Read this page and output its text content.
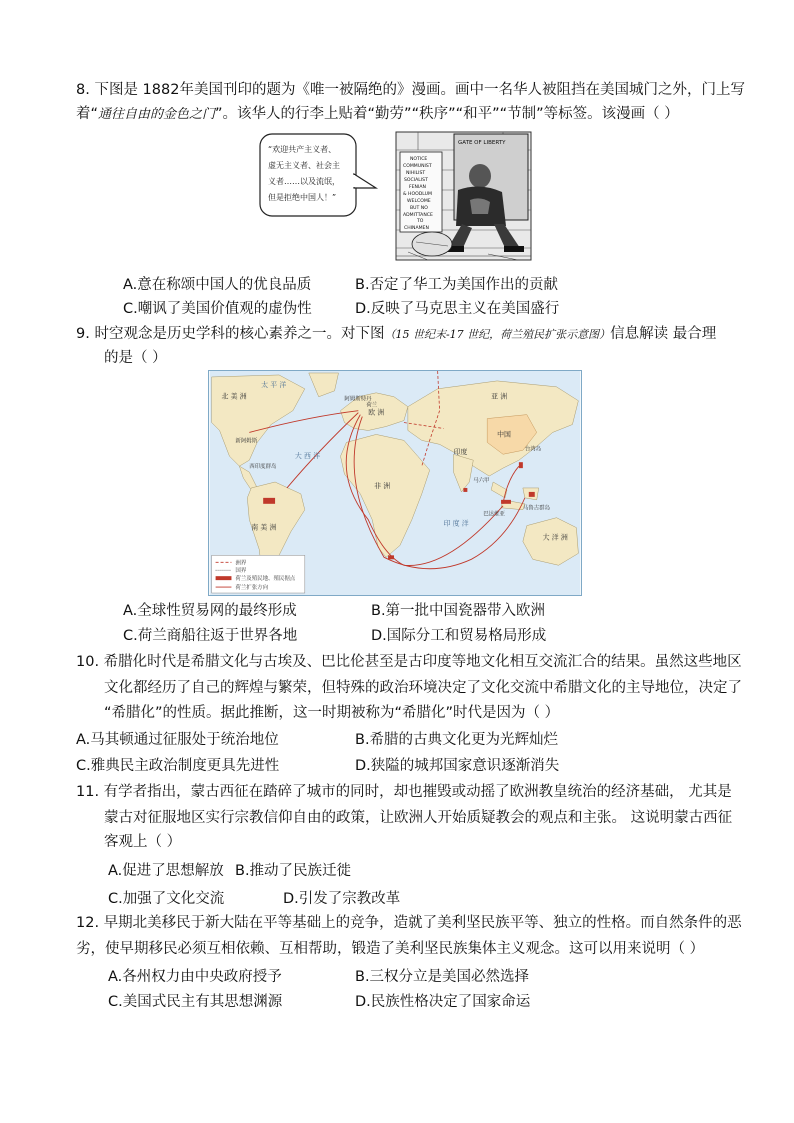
8. 下图是 1882年美国刊印的题为《唯一被隔绝的》漫画。画中一名华人被阻挡在美国城门之外，门上写
着“通往自由的金色之门”。该华人的行李上贴着“勤劳”“秩序”“和平”“节制”等标签。该漫画（ ）
“欢迎共产主义者、
虚无主义者、社会主
义者……以及流氓，
但是拒绝中国人！”
GATE OF LIBERTY
NOTICE
COMMUNIST
NIHILIST
SOCIALIST
FENIAN
& HOODLUM
WELCOME
BUT NO
ADMITTANCE
TO
CHINAMEN
A.意在称颂中国人的优良品质	B.否定了华工为美国作出的贡献
C.嘲讽了美国价值观的虚伪性	D.反映了马克思主义在美国盛行
9. 时空观念是历史学科的核心素养之一。对下图（15 世纪末-17 世纪，荷兰殖民扩张示意图）信息解读 最合理
的是（ ）
北 美 洲
南 美 洲
欧 洲
亚 洲
非 洲
大 洋 洲
大 西 洋
太 平 洋
印 度 洋
中国
印度
阿姆斯特丹
荷兰
新阿姆斯
西印度群岛
台湾岛
马六甲
巴达维亚
马鲁古群岛
洲界
国界
荷兰及殖民地、殖民据点
荷兰扩张方向
A.全球性贸易网的最终形成	B.第一批中国瓷器带入欧洲
C.荷兰商船往返于世界各地	D.国际分工和贸易格局形成
10. 希腊化时代是希腊文化与古埃及、巴比伦甚至是古印度等地文化相互交流汇合的结果。虽然这些地区
文化都经历了自己的辉煌与繁荣，但特殊的政治环境决定了文化交流中希腊文化的主导地位，决定了
“希腊化”的性质。据此推断，这一时期被称为“希腊化”时代是因为（ ）
A.马其顿通过征服处于统治地位	B.希腊的古典文化更为光辉灿烂
C.雅典民主政治制度更具先进性	D.狭隘的城邦国家意识逐渐消失
11. 有学者指出，蒙古西征在踏碎了城市的同时，却也摧毁或动摇了欧洲教皇统治的经济基础， 尤其是
蒙古对征服地区实行宗教信仰自由的政策，让欧洲人开始质疑教会的观点和主张。 这说明蒙古西征
客观上（ ）
A.促进了思想解放 B.推动了民族迁徙
C.加强了文化交流	D.引发了宗教改革
12. 早期北美移民于新大陆在平等基础上的竞争，造就了美利坚民族平等、独立的性格。而自然条件的恶
劣，使早期移民必须互相依赖、互相帮助，锻造了美利坚民族集体主义观念。这可以用来说明（ ）
A.各州权力由中央政府授予	B.三权分立是美国必然选择
C.美国式民主有其思想渊源	D.民族性格决定了国家命运
